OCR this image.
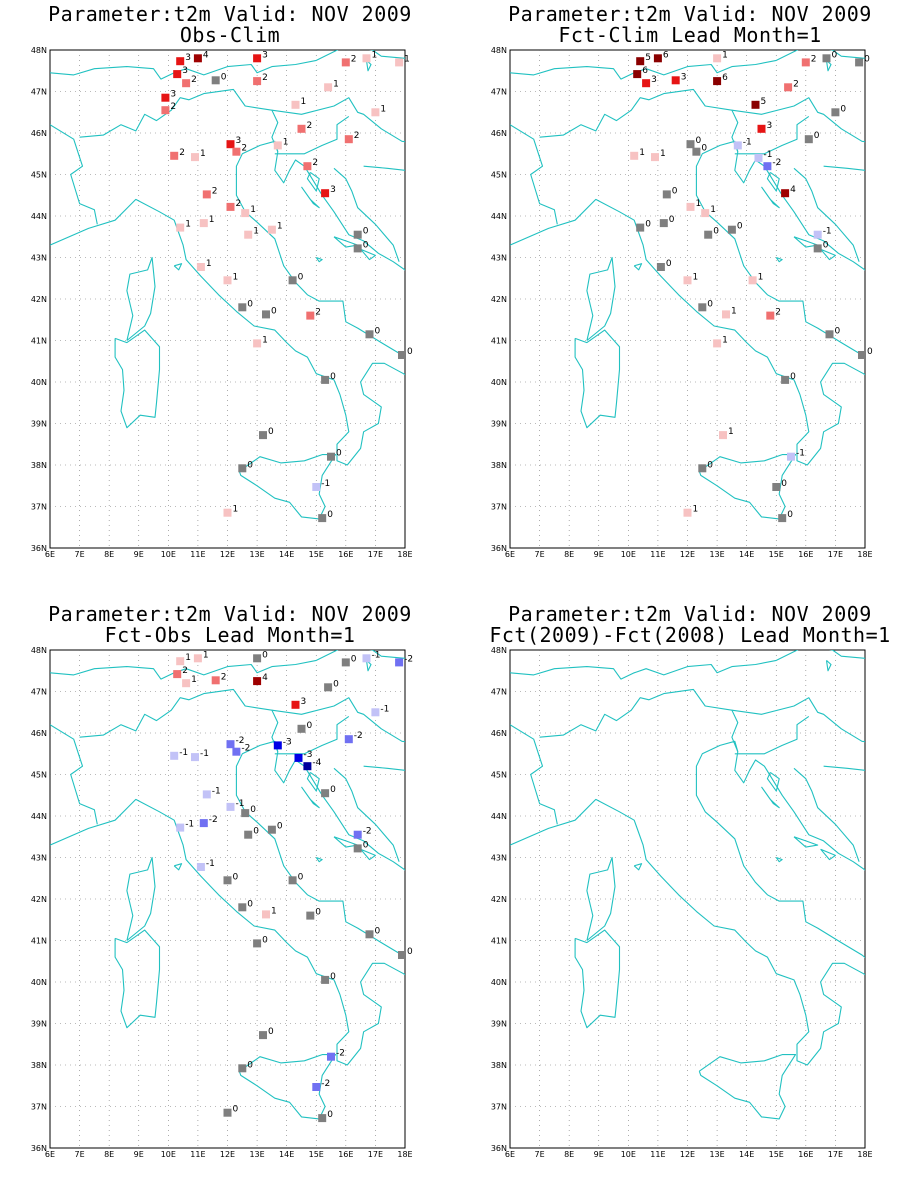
Parameter:t2m Valid: NOV 2009
Obs-Clim
6E 7E 8E 9E 10E 11E 12E 13E 14E 15E 16E 17E 18E
36N
37N
38N
39N
40N
41N
42N
43N
44N
45N
46N
47N
48N
3 4	3	1
2	1
3
0	2
2	1
3
1
2	1
2
2
3	1
2
2 1
2
2	3
2
1
1
1	1
1	0
0
1
1	0
0
0	2
1
0
0
0
0
0
0
-1
1
0
Parameter:t2m Valid: NOV 2009
Fct-Clim Lead Month=1
6E 7E 8E 9E 10E 11E 12E 13E 14E 15E 16E 17E 18E
36N
37N
38N
39N
40N
41N
42N
43N
44N
45N
46N
47N
48N
5 6	1	0
2	0
6
3	6
3	2
5
0
3
0
0	-1
0
1 1	-1
-2
0	4
1
1
0
0	0
0	-1
0
0
1	1
0
1	2
1
0
0
0
1
-1
0
0
1
0
Parameter:t2m Valid: NOV 2009
Fct-Obs Lead Month=1
6E 7E 8E 9E 10E 11E 12E 13E 14E 15E 16E 17E 18E
36N
37N
38N
39N
40N
41N
42N
43N
44N
45N
46N
47N
48N
1 1	0	-1
0	-2
2
2	4
1	0
3
-1
0
-2
-2	-3
-2
-1 -1	-3
-4
-1	0
-1
0
-2
-1	0
0	-2
0
-1
0	0
0
1	0
0
0
0
0
0
-2
0
-2
0
0
Parameter:t2m Valid: NOV 2009
Fct(2009)-Fct(2008) Lead Month=1
6E 7E 8E 9E 10E 11E 12E 13E 14E 15E 16E 17E 18E
36N
37N
38N
39N
40N
41N
42N
43N
44N
45N
46N
47N
48N
